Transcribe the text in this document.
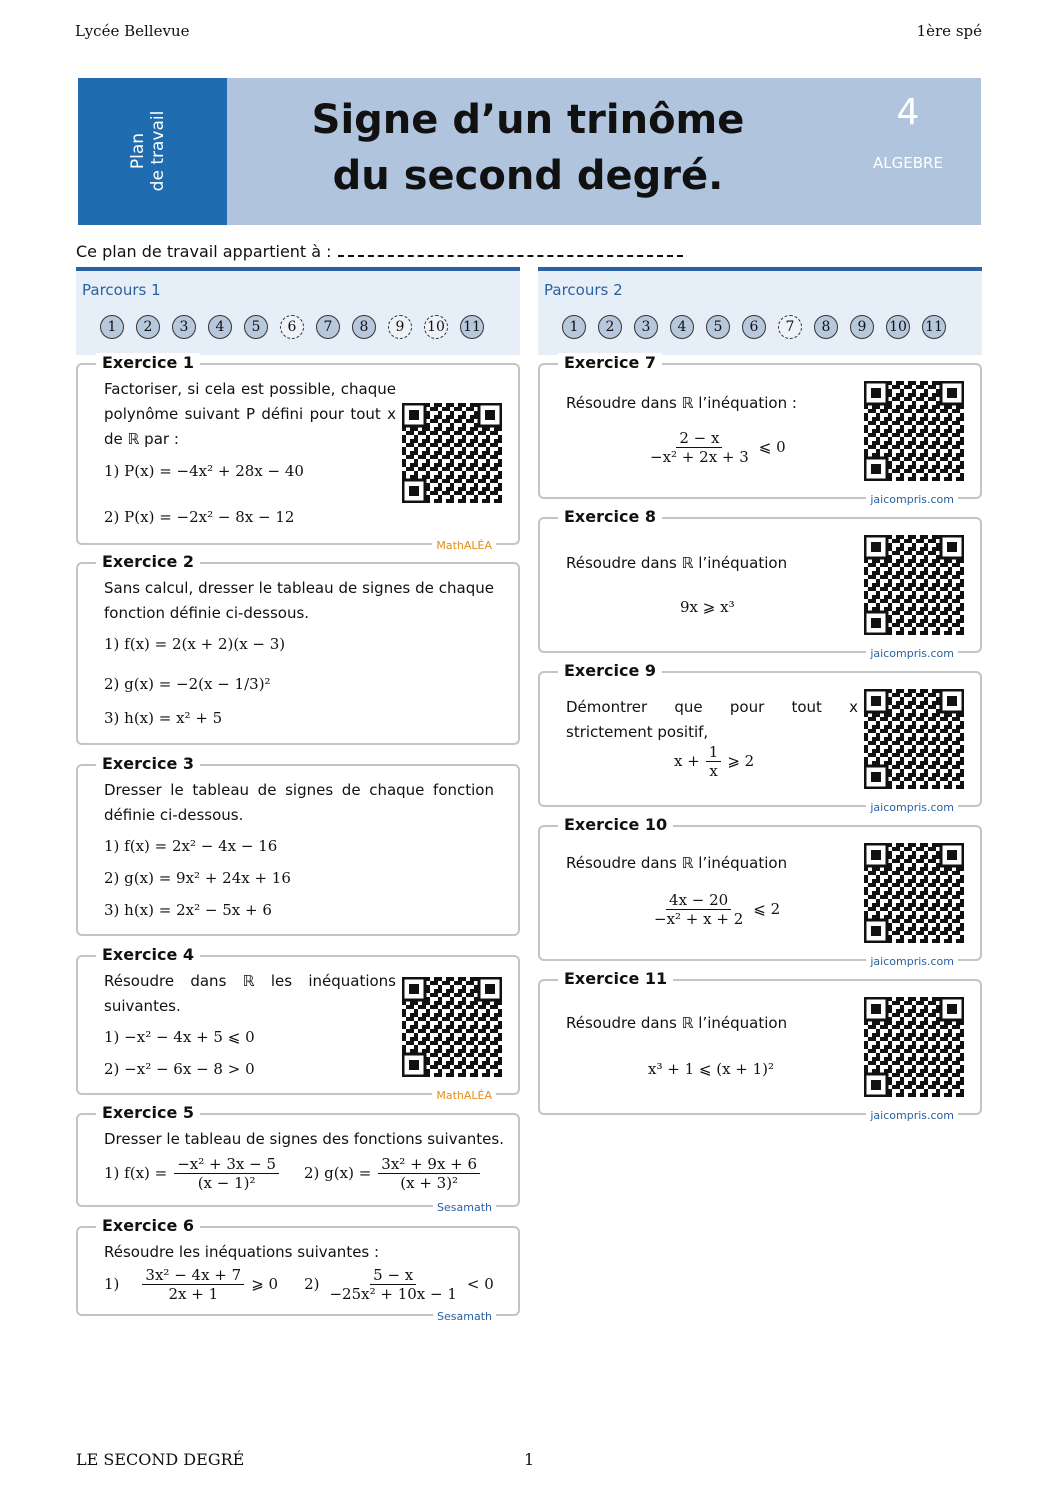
Lycée Bellevue	1ère spé
Plan de travail	Signe d’un trinôme
du second degré.
4
ALGEBRE
Ce plan de travail appartient à :
Parcours 1
1	2	3	4	5	6	7	8	9	10 11
Parcours 2
1	2	3	4	5	6	7	8	9	10 11
Exercice 1
Factoriser, si cela est possible, chaque polynôme suivant P défini pour tout x de ℝ par :
1) P(x) = −4x² + 28x − 40
2) P(x) = −2x² − 8x − 12
MathALÉA
Exercice 2
Sans calcul, dresser le tableau de signes de chaque fonction définie ci-dessous.
1) f(x) = 2(x + 2)(x − 3)
2) g(x) = −2(x − 1/3)²
3) h(x) = x² + 5
Exercice 3
Dresser le tableau de signes de chaque fonction définie ci-dessous.
1) f(x) = 2x² − 4x − 16
2) g(x) = 9x² + 24x + 16
3) h(x) = 2x² − 5x + 6
Exercice 4
Résoudre dans ℝ les inéquations suivantes.
1) −x² − 4x + 5 ⩽ 0
2) −x² − 6x − 8 > 0
MathALÉA
Exercice 5
Dresser le tableau de signes des fonctions suivantes.
1) $f(x) = \frac{\text{−x² + 3x − 5}}{\text{(x − 1)²}} 2$) $g(x) = \frac{\text{3x² + 9x + 6}}{\text{(x + 3)²}}$
Sesamath
Exercice 6
Résoudre les inéquations suivantes :
$1) \frac{\text{3x² − 4x + 7}}{2x + 1}$ ⩾ 0 $2) \frac{5 - x}{\text{−25x² + 10x − 1}} < 0$
Sesamath
Exercice 7
Résoudre dans ℝ l’inéquation :
$\frac{2 - x}{\text{−x² + 2x + 3}}$ ⩽ 0
jaicompris.com
Exercice 8
Résoudre dans ℝ l’inéquation
9x ⩾ x³
jaicompris.com
Exercice 9
Démontrer que pour tout x strictement positif,
$x + \frac{1}{x}$ ⩾ 2
jaicompris.com
Exercice 10
Résoudre dans ℝ l’inéquation
$\frac{4x - 20}{\text{−x² + x + 2}}$ ⩽ 2
jaicompris.com
Exercice 11
Résoudre dans ℝ l’inéquation
x³ + 1 ⩽ (x + 1)²
jaicompris.com
LE SECOND DEGRÉ	1
